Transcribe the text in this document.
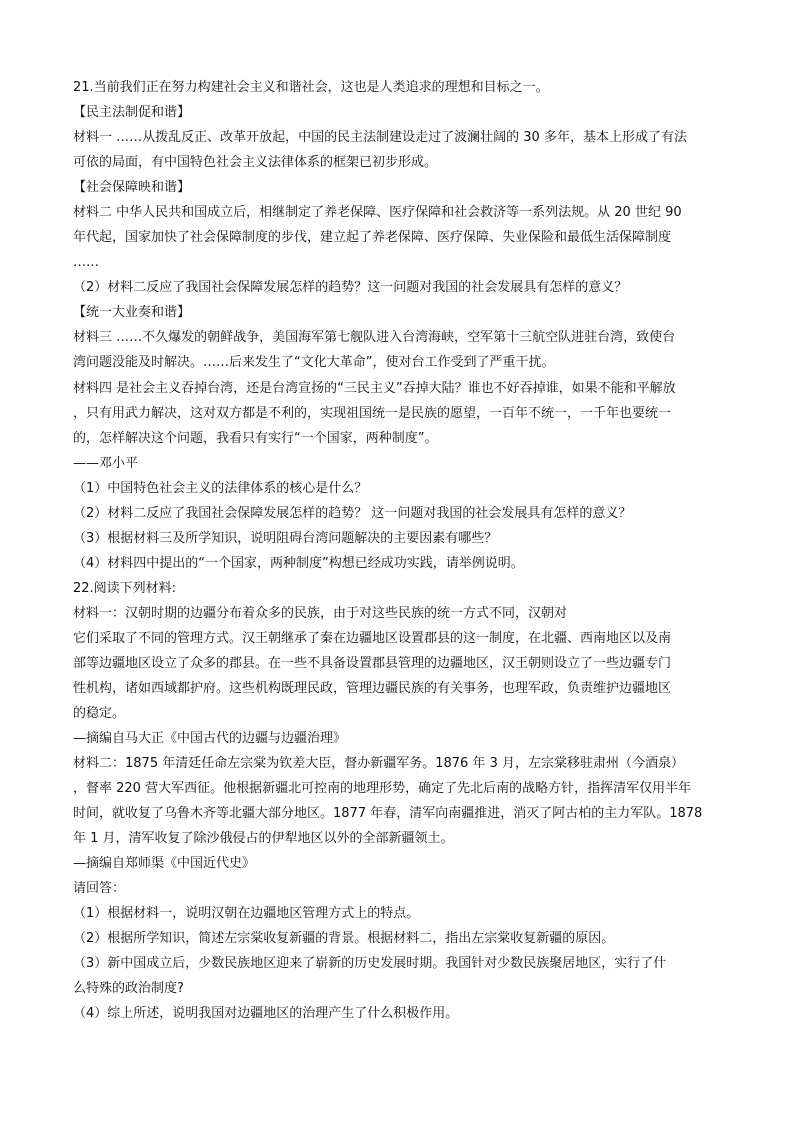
21.当前我们正在努力构建社会主义和谐社会，这也是人类追求的理想和目标之一。
【民主法制促和谐】
材料一 ……从拨乱反正、改革开放起，中国的民主法制建设走过了波澜壮阔的 30 多年，基本上形成了有法
可依的局面，有中国特色社会主义法律体系的框架已初步形成。
【社会保障映和谐】
材料二 中华人民共和国成立后，相继制定了养老保障、医疗保障和社会救济等一系列法规。从 20 世纪 90
年代起，国家加快了社会保障制度的步伐，建立起了养老保障、医疗保障、失业保险和最低生活保障制度
……
（2）材料二反应了我国社会保障发展怎样的趋势？这一问题对我国的社会发展具有怎样的意义？
【统一大业奏和谐】
材料三 ……不久爆发的朝鲜战争，美国海军第七舰队进入台湾海峡，空军第十三航空队进驻台湾，致使台
湾问题没能及时解决。……后来发生了“文化大革命”，使对台工作受到了严重干扰。
材料四 是社会主义吞掉台湾，还是台湾宣扬的“三民主义”吞掉大陆？谁也不好吞掉谁，如果不能和平解放
，只有用武力解决，这对双方都是不利的，实现祖国统一是民族的愿望，一百年不统一，一千年也要统一
的，怎样解决这个问题，我看只有实行“一个国家，两种制度”。
——邓小平
（1）中国特色社会主义的法律体系的核心是什么？
（2）材料二反应了我国社会保障发展怎样的趋势？ 这一问题对我国的社会发展具有怎样的意义？
（3）根据材料三及所学知识，说明阻碍台湾问题解决的主要因素有哪些？
（4）材料四中提出的“一个国家，两种制度”构想已经成功实践，请举例说明。
22.阅读下列材料:
材料一：汉朝时期的边疆分布着众多的民族，由于对这些民族的统一方式不同，汉朝对
它们采取了不同的管理方式。汉王朝继承了秦在边疆地区设置郡县的这一制度，在北疆、西南地区以及南
部等边疆地区设立了众多的郡县。在一些不具备设置郡县管理的边疆地区，汉王朝则设立了一些边疆专门
性机构，诸如西域都护府。这些机构既理民政，管理边疆民族的有关事务，也理军政，负责维护边疆地区
的稳定。
—摘编自马大正《中国古代的边疆与边疆治理》
材料二：1875 年清廷任命左宗棠为钦差大臣，督办新疆军务。1876 年 3 月，左宗棠移驻肃州（今酒泉）
，督率 220 营大军西征。他根据新疆北可控南的地理形势，确定了先北后南的战略方针，指挥清军仅用半年
时间，就收复了乌鲁木齐等北疆大部分地区。1877 年春，清军向南疆推进，消灭了阿古柏的主力军队。1878
年 1 月，清军收复了除沙俄侵占的伊犁地区以外的全部新疆领土。
—摘编自郑师渠《中国近代史》
请回答：
（1）根据材料一，说明汉朝在边疆地区管理方式上的特点。
（2）根据所学知识，简述左宗棠收复新疆的背景。根据材料二，指出左宗棠收复新疆的原因。
（3）新中国成立后，少数民族地区迎来了崭新的历史发展时期。我国针对少数民族聚居地区，实行了什
么特殊的政治制度?
（4）综上所述，说明我国对边疆地区的治理产生了什么积极作用。
